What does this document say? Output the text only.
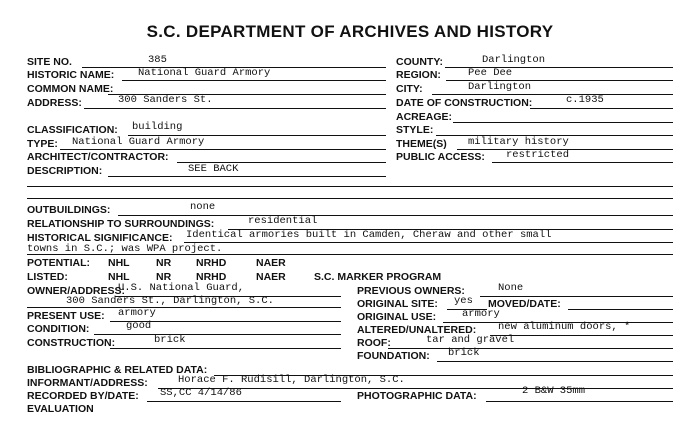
S.C. DEPARTMENT OF ARCHIVES AND HISTORY
SITE NO.	385
HISTORIC NAME: National Guard Armory
COMMON NAME:
ADDRESS:	300 Sanders St.
CLASSIFICATION: building
TYPE: National Guard Armory
ARCHITECT/CONTRACTOR:
DESCRIPTION:	SEE BACK
COUNTY:	Darlington
REGION:	Pee Dee
CITY:	Darlington
DATE OF CONSTRUCTION:	c.1935
ACREAGE:
STYLE:
THEME(S) military history
PUBLIC ACCESS: restricted
OUTBUILDINGS:	none
RELATIONSHIP TO SURROUNDINGS:	residential
HISTORICAL SIGNIFICANCE: Identical armories built in Camden, Cheraw and other small
towns in S.C.; was WPA project.
POTENTIAL: NHL	NR NRHD	NAER
LISTED:	NHL	NR NRHD	NAER	S.C. MARKER PROGRAM
OWNER/ADDRESS:
U.S. National Guard,
300 Sanders St., Darlington, S.C.
PRESENT USE: armory
CONDITION:	good
CONSTRUCTION:	brick
PREVIOUS OWNERS:	None
ORIGINAL SITE: yes MOVED/DATE:
ORIGINAL USE: armory
ALTERED/UNALTERED: new aluminum doors, *
ROOF:	tar and gravel
FOUNDATION: brick
BIBLIOGRAPHIC & RELATED DATA:
INFORMANT/ADDRESS:	Horace F. Rudisill, Darlington, S.C.
RECORDED BY/DATE: SS,CC 4/14/86	PHOTOGRAPHIC DATA:	2 B&W 35mm
EVALUATION
